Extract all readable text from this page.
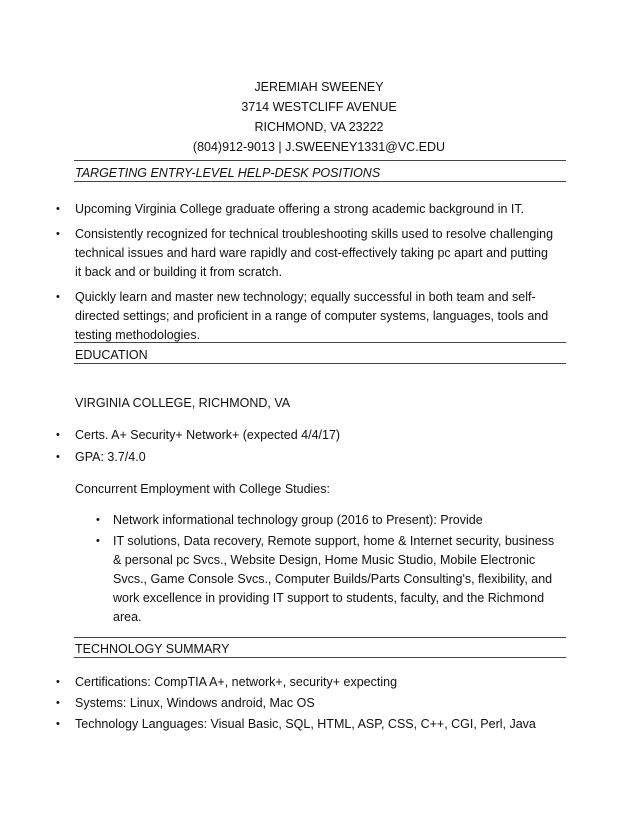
JEREMIAH SWEENEY
3714 WESTCLIFF AVENUE
RICHMOND, VA 23222
(804)912-9013 | J.SWEENEY1331@VC.EDU
TARGETING ENTRY-LEVEL HELP-DESK POSITIONS
• Upcoming Virginia College graduate offering a strong academic background in IT.
• Consistently recognized for technical troubleshooting skills used to resolve challenging technical issues and hard ware rapidly and cost-effectively taking pc apart and putting it back and or building it from scratch.
• Quickly learn and master new technology; equally successful in both team and self-directed settings; and proficient in a range of computer systems, languages, tools and testing methodologies.
EDUCATION
VIRGINIA COLLEGE, RICHMOND, VA
• Certs. A+ Security+ Network+ (expected 4/4/17)
• GPA: 3.7/4.0
Concurrent Employment with College Studies:
• Network informational technology group (2016 to Present): Provide
• IT solutions, Data recovery, Remote support, home & Internet security, business & personal pc Svcs., Website Design, Home Music Studio, Mobile Electronic Svcs., Game Console Svcs., Computer Builds/Parts Consulting's, flexibility, and work excellence in providing IT support to students, faculty, and the Richmond area.
TECHNOLOGY SUMMARY
• Certifications: CompTIA A+, network+, security+ expecting
• Systems: Linux, Windows android, Mac OS
• Technology Languages: Visual Basic, SQL, HTML, ASP, CSS, C++, CGI, Perl, Java
